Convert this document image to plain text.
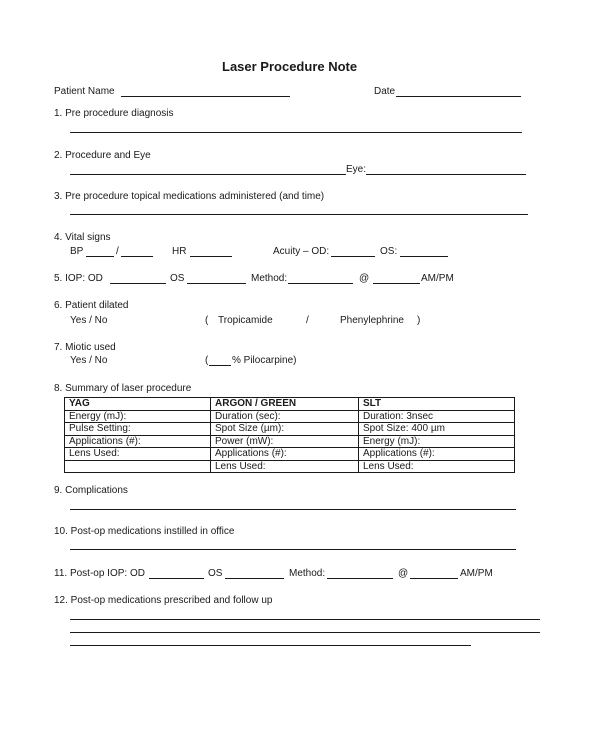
Laser Procedure Note
Patient Name	Date
1. Pre procedure diagnosis
2. Procedure and Eye
Eye:
3. Pre procedure topical medications administered (and time)
4. Vital signs
BP	/	HR	Acuity – OD:	OS:
5. IOP: OD	OS	Method:	@	AM/PM
6. Patient dilated
Yes / No	( Tropicamide	/	Phenylephrine )
7. Miotic used
Yes / No	( % Pilocarpine)
8. Summary of laser procedure
YAG	ARGON / GREEN	SLT
Energy (mJ):	Duration (sec):	Duration: 3nsec
Pulse Setting:	Spot Size (µm):	Spot Size: 400 µm
Applications (#):	Power (mW):	Energy (mJ):
Lens Used:	Applications (#):	Applications (#):
	Lens Used:	Lens Used:
9. Complications
10. Post-op medications instilled in office
11. Post-op IOP: OD	OS	Method:	@	AM/PM
12. Post-op medications prescribed and follow up
